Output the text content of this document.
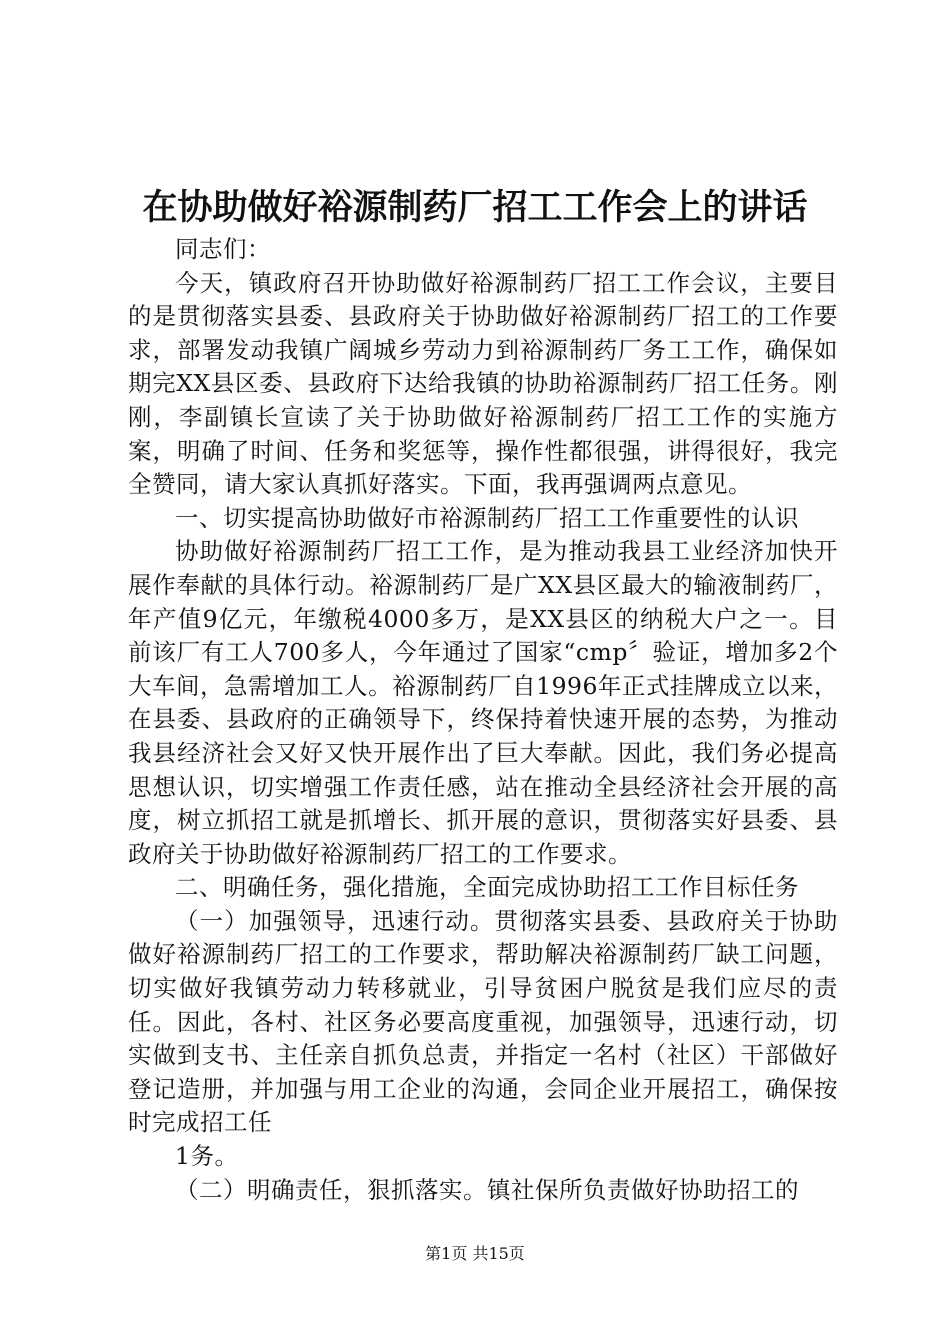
在协助做好裕源制药厂招工工作会上的讲话

同志们：

今天，镇政府召开协助做好裕源制药厂招工工作会议，主要目的是贯彻落实县委、县政府关于协助做好裕源制药厂招工的工作要求，部署发动我镇广阔城乡劳动力到裕源制药厂务工工作，确保如期完XX县区委、县政府下达给我镇的协助裕源制药厂招工任务。刚刚，李副镇长宣读了关于协助做好裕源制药厂招工工作的实施方案，明确了时间、任务和奖惩等，操作性都很强，讲得很好，我完全赞同，请大家认真抓好落实。下面，我再强调两点意见。

一、切实提高协助做好市裕源制药厂招工工作重要性的认识

协助做好裕源制药厂招工工作，是为推动我县工业经济加快开展作奉献的具体行动。裕源制药厂是广XX县区最大的输液制药厂，年产值9亿元，年缴税4000多万，是XX县区的纳税大户之一。目前该厂有工人700多人，今年通过了国家“cmp〞验证，增加多2个大车间，急需增加工人。裕源制药厂自1996年正式挂牌成立以来，在县委、县政府的正确领导下，终保持着快速开展的态势，为推动我县经济社会又好又快开展作出了巨大奉献。因此，我们务必提高思想认识，切实增强工作责任感，站在推动全县经济社会开展的高度，树立抓招工就是抓增长、抓开展的意识，贯彻落实好县委、县政府关于协助做好裕源制药厂招工的工作要求。

二、明确任务，强化措施，全面完成协助招工工作目标任务

（一）加强领导，迅速行动。贯彻落实县委、县政府关于协助做好裕源制药厂招工的工作要求，帮助解决裕源制药厂缺工问题，切实做好我镇劳动力转移就业，引导贫困户脱贫是我们应尽的责任。因此，各村、社区务必要高度重视，加强领导，迅速行动，切实做到支书、主任亲自抓负总责，并指定一名村（社区）干部做好登记造册，并加强与用工企业的沟通，会同企业开展招工，确保按时完成招工任

1务。

（二）明确责任，狠抓落实。镇社保所负责做好协助招工的

第1页 共15页
